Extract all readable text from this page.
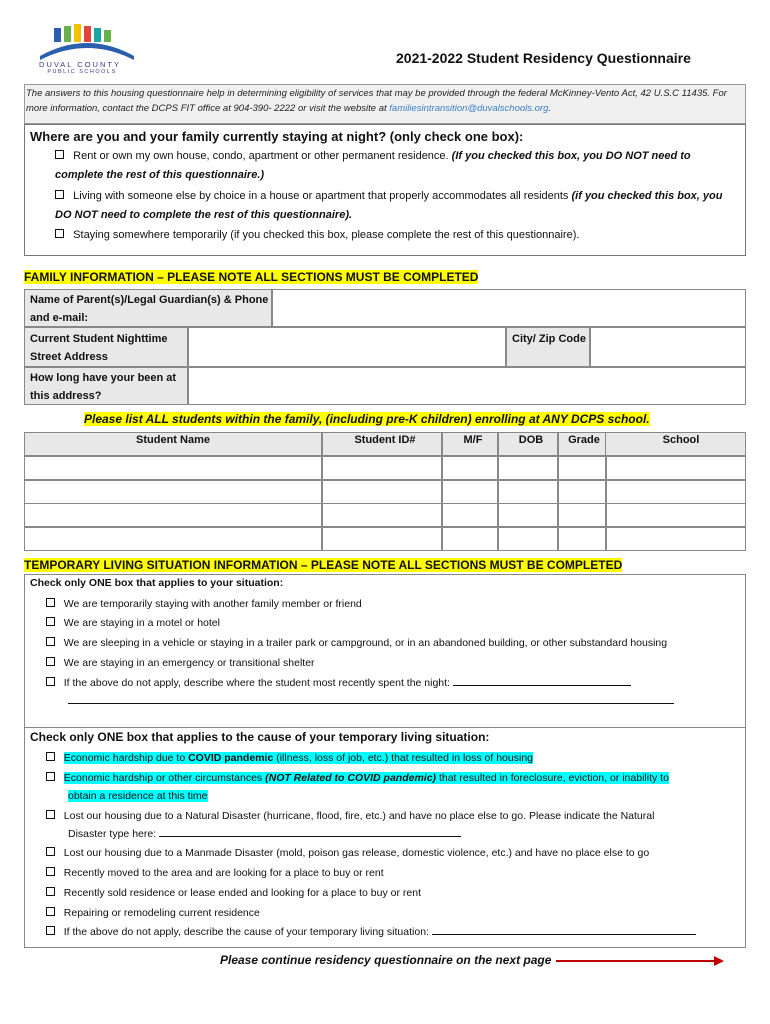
DUVAL COUNTY
PUBLIC SCHOOLS
2021-2022 Student Residency Questionnaire
The answers to this housing questionnaire help in determining eligibility of services that may be provided through the federal McKinney-Vento Act, 42 U.S.C 11435. For more information, contact the DCPS FIT office at 904-390- 2222 or visit the website at familiesintransition@duvalschools.org.
Where are you and your family currently staying at night? (only check one box):
Rent or own my own house, condo, apartment or other permanent residence. (If you checked this box, you DO NOT need to complete the rest of this questionnaire.)
Living with someone else by choice in a house or apartment that properly accommodates all residents (if you checked this box, you DO NOT need to complete the rest of this questionnaire).
Staying somewhere temporarily (if you checked this box, please complete the rest of this questionnaire).
FAMILY INFORMATION – PLEASE NOTE ALL SECTIONS MUST BE COMPLETED
Name of Parent(s)/Legal Guardian(s) & Phone and e-mail:
Current Student Nighttime Street Address
City/ Zip Code
How long have your been at this address?
Please list ALL students within the family, (including pre-K children) enrolling at ANY DCPS school.
Student Name	Student ID#	M/F	DOB	Grade	School
TEMPORARY LIVING SITUATION INFORMATION – PLEASE NOTE ALL SECTIONS MUST BE COMPLETED
Check only ONE box that applies to your situation:
We are temporarily staying with another family member or friend
We are staying in a motel or hotel
We are sleeping in a vehicle or staying in a trailer park or campground, or in an abandoned building, or other substandard housing
We are staying in an emergency or transitional shelter
If the above do not apply, describe where the student most recently spent the night:
Check only ONE box that applies to the cause of your temporary living situation:
Economic hardship due to COVID pandemic (illness, loss of job, etc.) that resulted in loss of housing
Economic hardship or other circumstances (NOT Related to COVID pandemic) that resulted in foreclosure, eviction, or inability to
obtain a residence at this time
Lost our housing due to a Natural Disaster (hurricane, flood, fire, etc.) and have no place else to go. Please indicate the Natural
Disaster type here:
Lost our housing due to a Manmade Disaster (mold, poison gas release, domestic violence, etc.) and have no place else to go
Recently moved to the area and are looking for a place to buy or rent
Recently sold residence or lease ended and looking for a place to buy or rent
Repairing or remodeling current residence
If the above do not apply, describe the cause of your temporary living situation:
Please continue residency questionnaire on the next page
